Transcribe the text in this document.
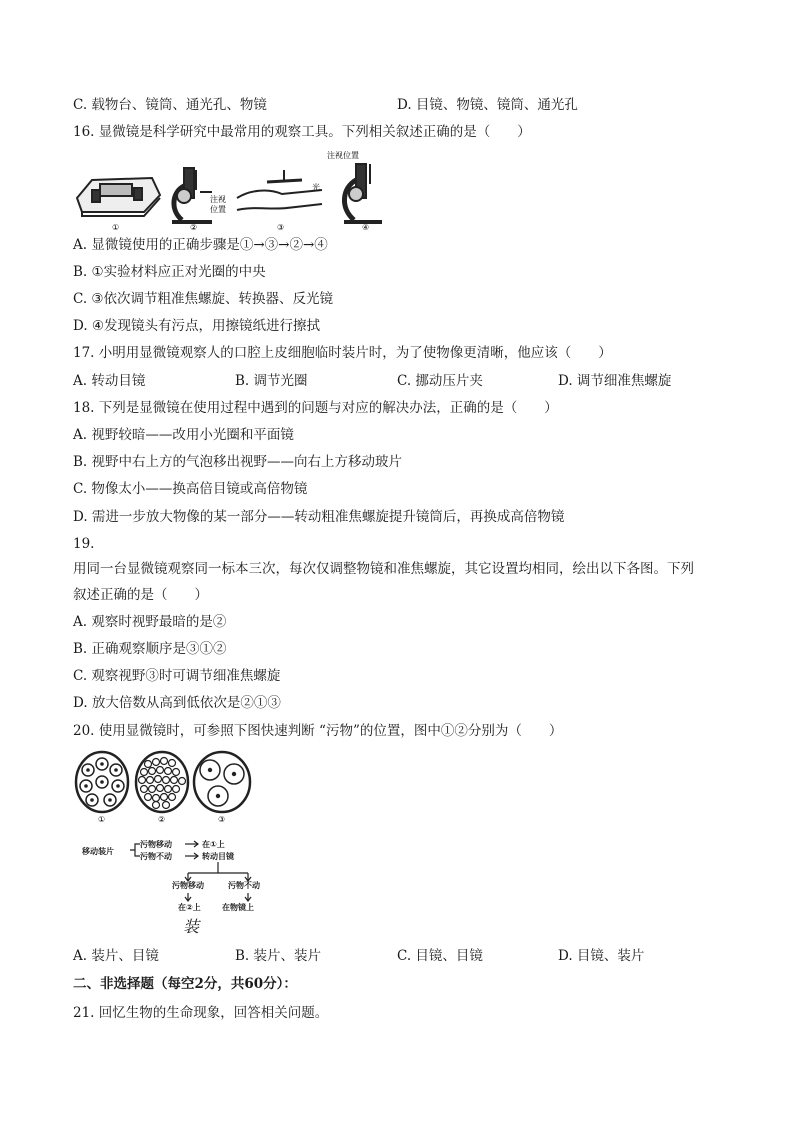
C. 载物台、镜筒、通光孔、物镜	D. 目镜、物镜、镜筒、通光孔
16. 显微镜是科学研究中最常用的观察工具。下列相关叙述正确的是（　　）
①	②	③	④
注视
位置
光
注视位置
A. 显微镜使用的正确步骤是①→③→②→④
B. ①实验材料应正对光圈的中央
C. ③依次调节粗准焦螺旋、转换器、反光镜
D. ④发现镜头有污点，用擦镜纸进行擦拭
17. 小明用显微镜观察人的口腔上皮细胞临时装片时，为了使物像更清晰，他应该（　　）
A. 转动目镜	B. 调节光圈	C. 挪动压片夹	D. 调节细准焦螺旋
18. 下列是显微镜在使用过程中遇到的问题与对应的解决办法，正确的是（　　）
A. 视野较暗——改用小光圈和平面镜
B. 视野中右上方的气泡移出视野——向右上方移动玻片
C. 物像太小——换高倍目镜或高倍物镜
D. 需进一步放大物像的某一部分——转动粗准焦螺旋提升镜筒后，再换成高倍物镜
19.
用同一台显微镜观察同一标本三次，每次仅调整物镜和准焦螺旋，其它设置均相同，绘出以下各图。下列
叙述正确的是（　　）
A. 观察时视野最暗的是②
B. 正确观察顺序是③①②
C. 观察视野③时可调节细准焦螺旋
D. 放大倍数从高到低依次是②①③
20. 使用显微镜时，可参照下图快速判断 “污物”的位置，图中①②分别为（　　）
①	②	③
移动装片
污物移动	在①上
污物不动	转动目镜
污物移动	污物不动
在②上	在物镜上
装
A. 装片、目镜	B. 装片、装片	C. 目镜、目镜	D. 目镜、装片
二、非选择题（每空2分，共60分）：
21. 回忆生物的生命现象，回答相关问题。
